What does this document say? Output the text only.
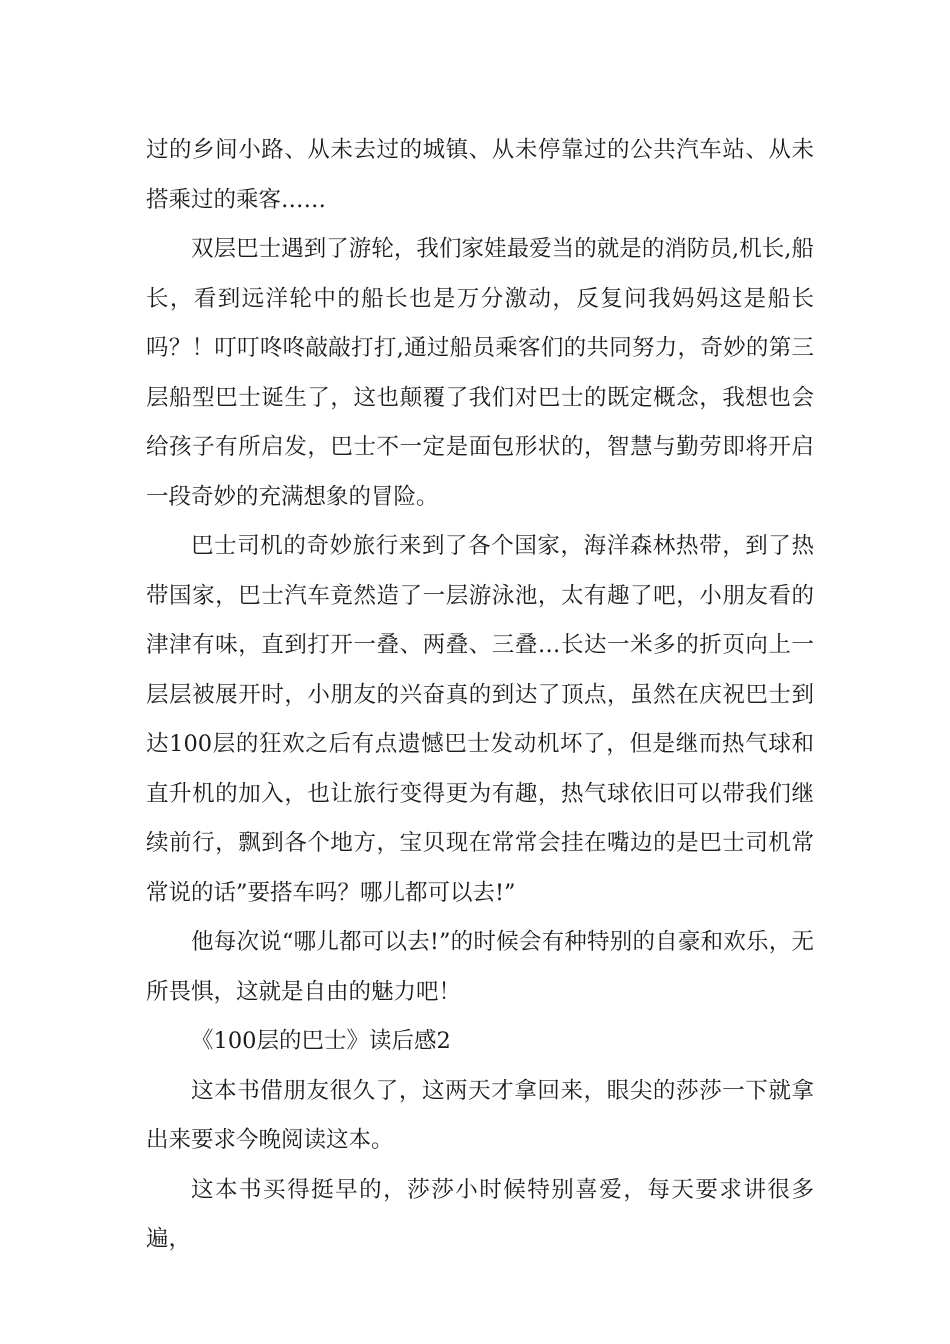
过的乡间小路、从未去过的城镇、从未停靠过的公共汽车站、从未搭乘过的乘客……

双层巴士遇到了游轮，我们家娃最爱当的就是的消防员,机长,船长，看到远洋轮中的船长也是万分激动，反复问我妈妈这是船长吗？！叮叮咚咚敲敲打打,通过船员乘客们的共同努力，奇妙的第三层船型巴士诞生了，这也颠覆了我们对巴士的既定概念，我想也会给孩子有所启发，巴士不一定是面包形状的，智慧与勤劳即将开启一段奇妙的充满想象的冒险。

巴士司机的奇妙旅行来到了各个国家，海洋森林热带，到了热带国家，巴士汽车竟然造了一层游泳池，太有趣了吧，小朋友看的津津有味，直到打开一叠、两叠、三叠…长达一米多的折页向上一层层被展开时，小朋友的兴奋真的到达了顶点，虽然在庆祝巴士到达100层的狂欢之后有点遗憾巴士发动机坏了，但是继而热气球和直升机的加入，也让旅行变得更为有趣，热气球依旧可以带我们继续前行，飘到各个地方，宝贝现在常常会挂在嘴边的是巴士司机常常说的话”要搭车吗？哪儿都可以去!”

他每次说“哪儿都可以去!”的时候会有种特别的自豪和欢乐，无所畏惧，这就是自由的魅力吧！

《100层的巴士》读后感2

这本书借朋友很久了，这两天才拿回来，眼尖的莎莎一下就拿出来要求今晚阅读这本。

这本书买得挺早的，莎莎小时候特别喜爱，每天要求讲很多遍，
